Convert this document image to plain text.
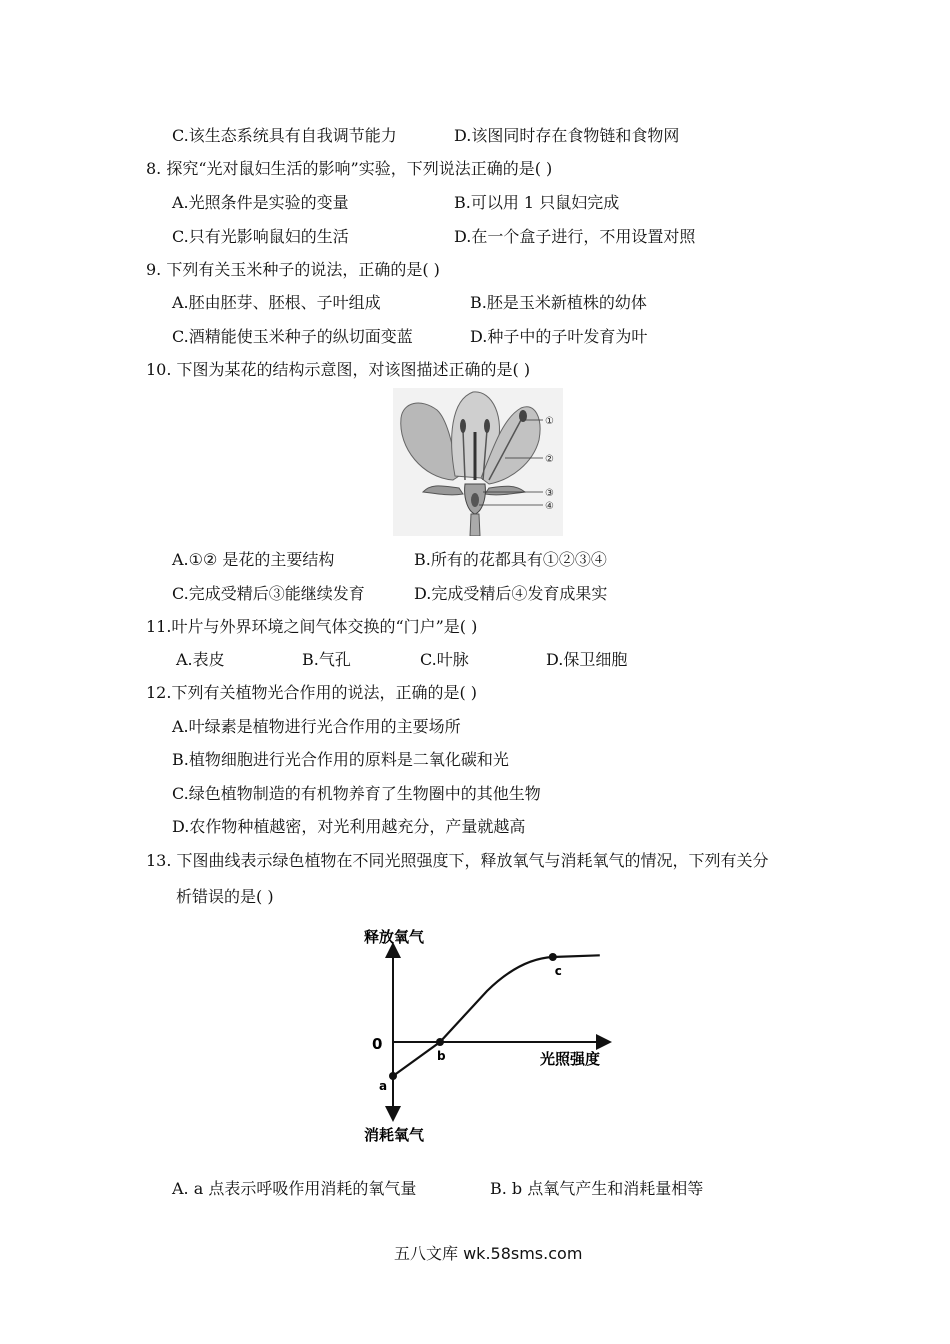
C.该生态系统具有自我调节能力	D.该图同时存在食物链和食物网
8. 探究“光对鼠妇生活的影响”实验，下列说法正确的是( )
A.光照条件是实验的变量	B.可以用 1 只鼠妇完成
C.只有光影响鼠妇的生活	D.在一个盒子进行，不用设置对照
9. 下列有关玉米种子的说法，正确的是( )
A.胚由胚芽、胚根、子叶组成	B.胚是玉米新植株的幼体
C.酒精能使玉米种子的纵切面变蓝	D.种子中的子叶发育为叶
10. 下图为某花的结构示意图，对该图描述正确的是( )
①
②
③
④
A.①② 是花的主要结构	B.所有的花都具有①②③④
C.完成受精后③能继续发育	D.完成受精后④发育成果实
11.叶片与外界环境之间气体交换的“门户”是( )
A.表皮	B.气孔	C.叶脉	D.保卫细胞
12.下列有关植物光合作用的说法，正确的是( )
A.叶绿素是植物进行光合作用的主要场所
B.植物细胞进行光合作用的原料是二氧化碳和光
C.绿色植物制造的有机物养育了生物圈中的其他生物
D.农作物种植越密，对光利用越充分，产量就越高
13. 下图曲线表示绿色植物在不同光照强度下，释放氧气与消耗氧气的情况，下列有关分
析错误的是( )
a
b
c
释放氧气
消耗氧气
光照强度
0
A. a 点表示呼吸作用消耗的氧气量	B. b 点氧气产生和消耗量相等
五八文库 wk.58sms.com
